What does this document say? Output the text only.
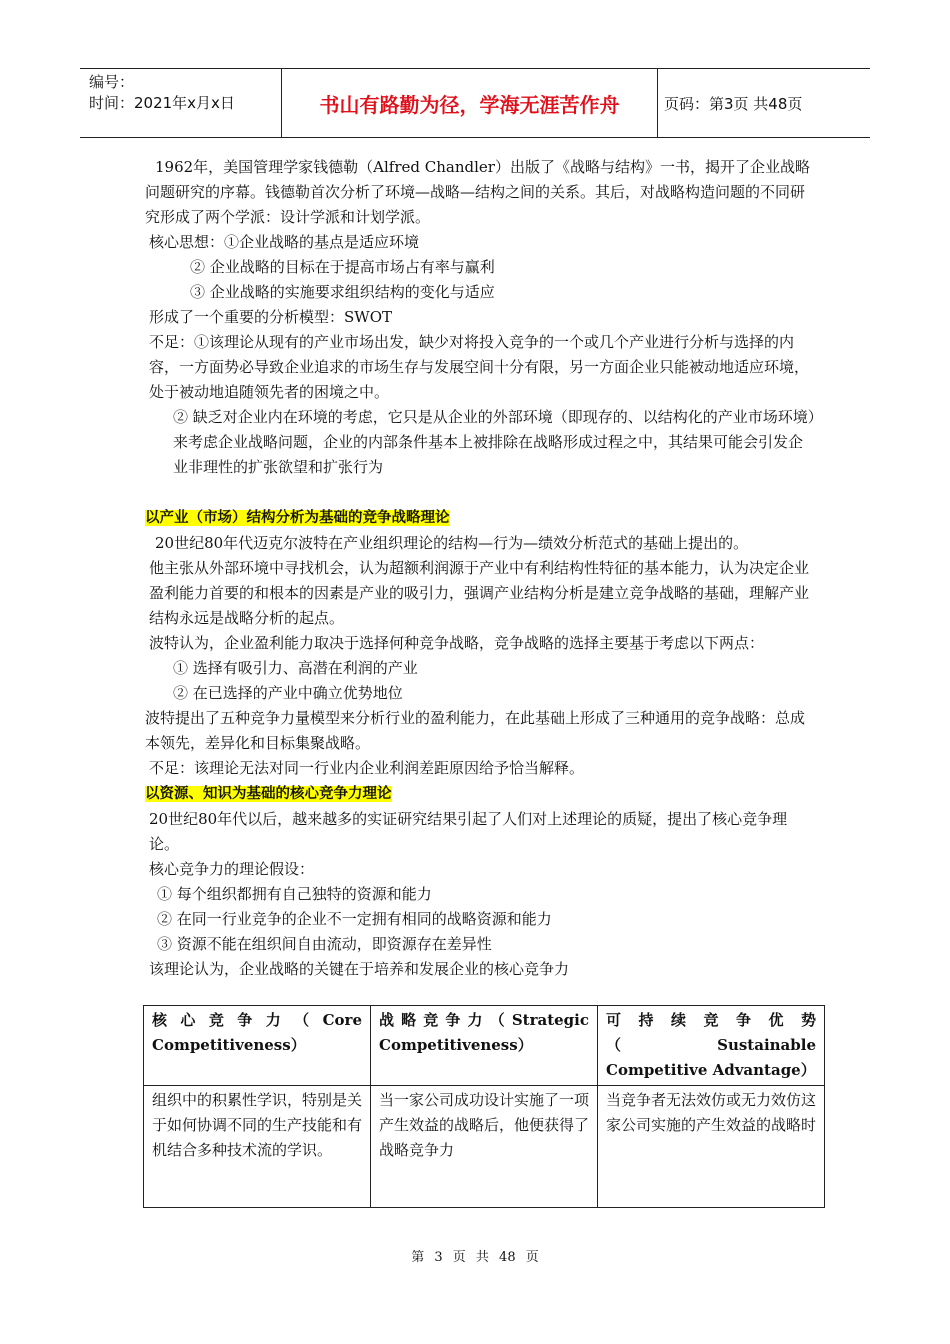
编号：
时间：2021年x月x日	书山有路勤为径，学海无涯苦作舟	页码：第3页 共48页

1962年，美国管理学家钱德勒（Alfred Chandler）出版了《战略与结构》一书，揭开了企业战略问题研究的序幕。钱德勒首次分析了环境—战略—结构之间的关系。其后，对战略构造问题的不同研究形成了两个学派：设计学派和计划学派。

核心思想：①企业战略的基点是适应环境

② 企业战略的目标在于提高市场占有率与赢利

③ 企业战略的实施要求组织结构的变化与适应

形成了一个重要的分析模型：SWOT

不足：①该理论从现有的产业市场出发，缺少对将投入竞争的一个或几个产业进行分析与选择的内容，一方面势必导致企业追求的市场生存与发展空间十分有限，另一方面企业只能被动地适应环境，处于被动地追随领先者的困境之中。

② 缺乏对企业内在环境的考虑，它只是从企业的外部环境（即现存的、以结构化的产业市场环境）来考虑企业战略问题，企业的内部条件基本上被排除在战略形成过程之中，其结果可能会引发企业非理性的扩张欲望和扩张行为

以产业（市场）结构分析为基础的竞争战略理论

20世纪80年代迈克尔波特在产业组织理论的结构—行为—绩效分析范式的基础上提出的。

他主张从外部环境中寻找机会，认为超额利润源于产业中有利结构性特征的基本能力，认为决定企业盈利能力首要的和根本的因素是产业的吸引力，强调产业结构分析是建立竞争战略的基础，理解产业结构永远是战略分析的起点。

波特认为，企业盈利能力取决于选择何种竞争战略，竞争战略的选择主要基于考虑以下两点：

① 选择有吸引力、高潜在利润的产业

② 在已选择的产业中确立优势地位

波特提出了五种竞争力量模型来分析行业的盈利能力，在此基础上形成了三种通用的竞争战略：总成本领先，差异化和目标集聚战略。

不足：该理论无法对同一行业内企业利润差距原因给予恰当解释。

以资源、知识为基础的核心竞争力理论

20世纪80年代以后，越来越多的实证研究结果引起了人们对上述理论的质疑，提出了核心竞争理论。

核心竞争力的理论假设：

① 每个组织都拥有自己独特的资源和能力

② 在同一行业竞争的企业不一定拥有相同的战略资源和能力

③ 资源不能在组织间自由流动，即资源存在差异性

该理论认为，企业战略的关键在于培养和发展企业的核心竞争力

核心竞争力（Core Competitiveness）	战略竞争力（Strategic Competitiveness）	可持续竞争优势（Sustainable Competitive Advantage）
组织中的积累性学识，特别是关于如何协调不同的生产技能和有机结合多种技术流的学识。	当一家公司成功设计实施了一项产生效益的战略后，他便获得了战略竞争力	当竞争者无法效仿或无力效仿这家公司实施的产生效益的战略时
第 3 页 共 48 页
